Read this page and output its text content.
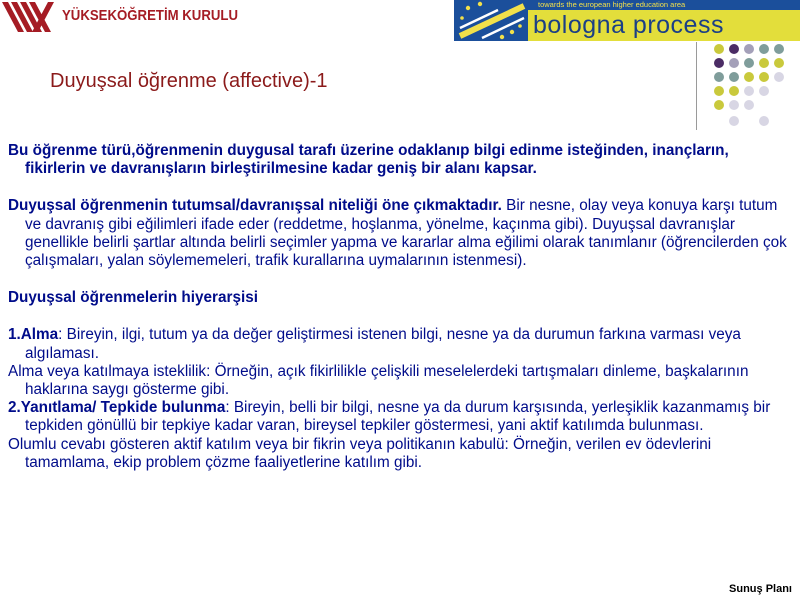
YÜKSEKÖĞRETİM KURULU
towards the european higher education area
bologna process
Duyuşsal öğrenme (affective)-1

Bu öğrenme türü,öğrenmenin duygusal tarafı üzerine odaklanıp bilgi edinme isteğinden, inançların, fikirlerin ve davranışların birleştirilmesine kadar geniş bir alanı kapsar.

Duyuşsal öğrenmenin tutumsal/davranışsal niteliği öne çıkmaktadır. Bir nesne, olay veya konuya karşı tutum ve davranış gibi eğilimleri ifade eder (reddetme, hoşlanma, yönelme, kaçınma gibi). Duyuşsal davranışlar genellikle belirli şartlar altında belirli seçimler yapma ve kararlar alma eğilimi olarak tanımlanır (öğrencilerden çok çalışmaları, yalan söylememeleri, trafik kurallarına uymalarının istenmesi).

Duyuşsal öğrenmelerin hiyerarşisi

1.Alma: Bireyin, ilgi, tutum ya da değer geliştirmesi istenen bilgi, nesne ya da durumun farkına varması veya algılaması.

Alma veya katılmaya isteklilik: Örneğin, açık fikirlilikle çelişkili meselelerdeki tartışmaları dinleme, başkalarının haklarına saygı gösterme gibi.

2.Yanıtlama/ Tepkide bulunma: Bireyin, belli bir bilgi, nesne ya da durum karşısında, yerleşiklik kazanmamış bir tepkiden gönüllü bir tepkiye kadar varan, bireysel tepkiler göstermesi, yani aktif katılımda bulunması.

Olumlu cevabı gösteren aktif katılım veya bir fikrin veya politikanın kabulü: Örneğin, verilen ev ödevlerini tamamlama, ekip problem çözme faaliyetlerine katılım gibi.

Sunuş Planı
